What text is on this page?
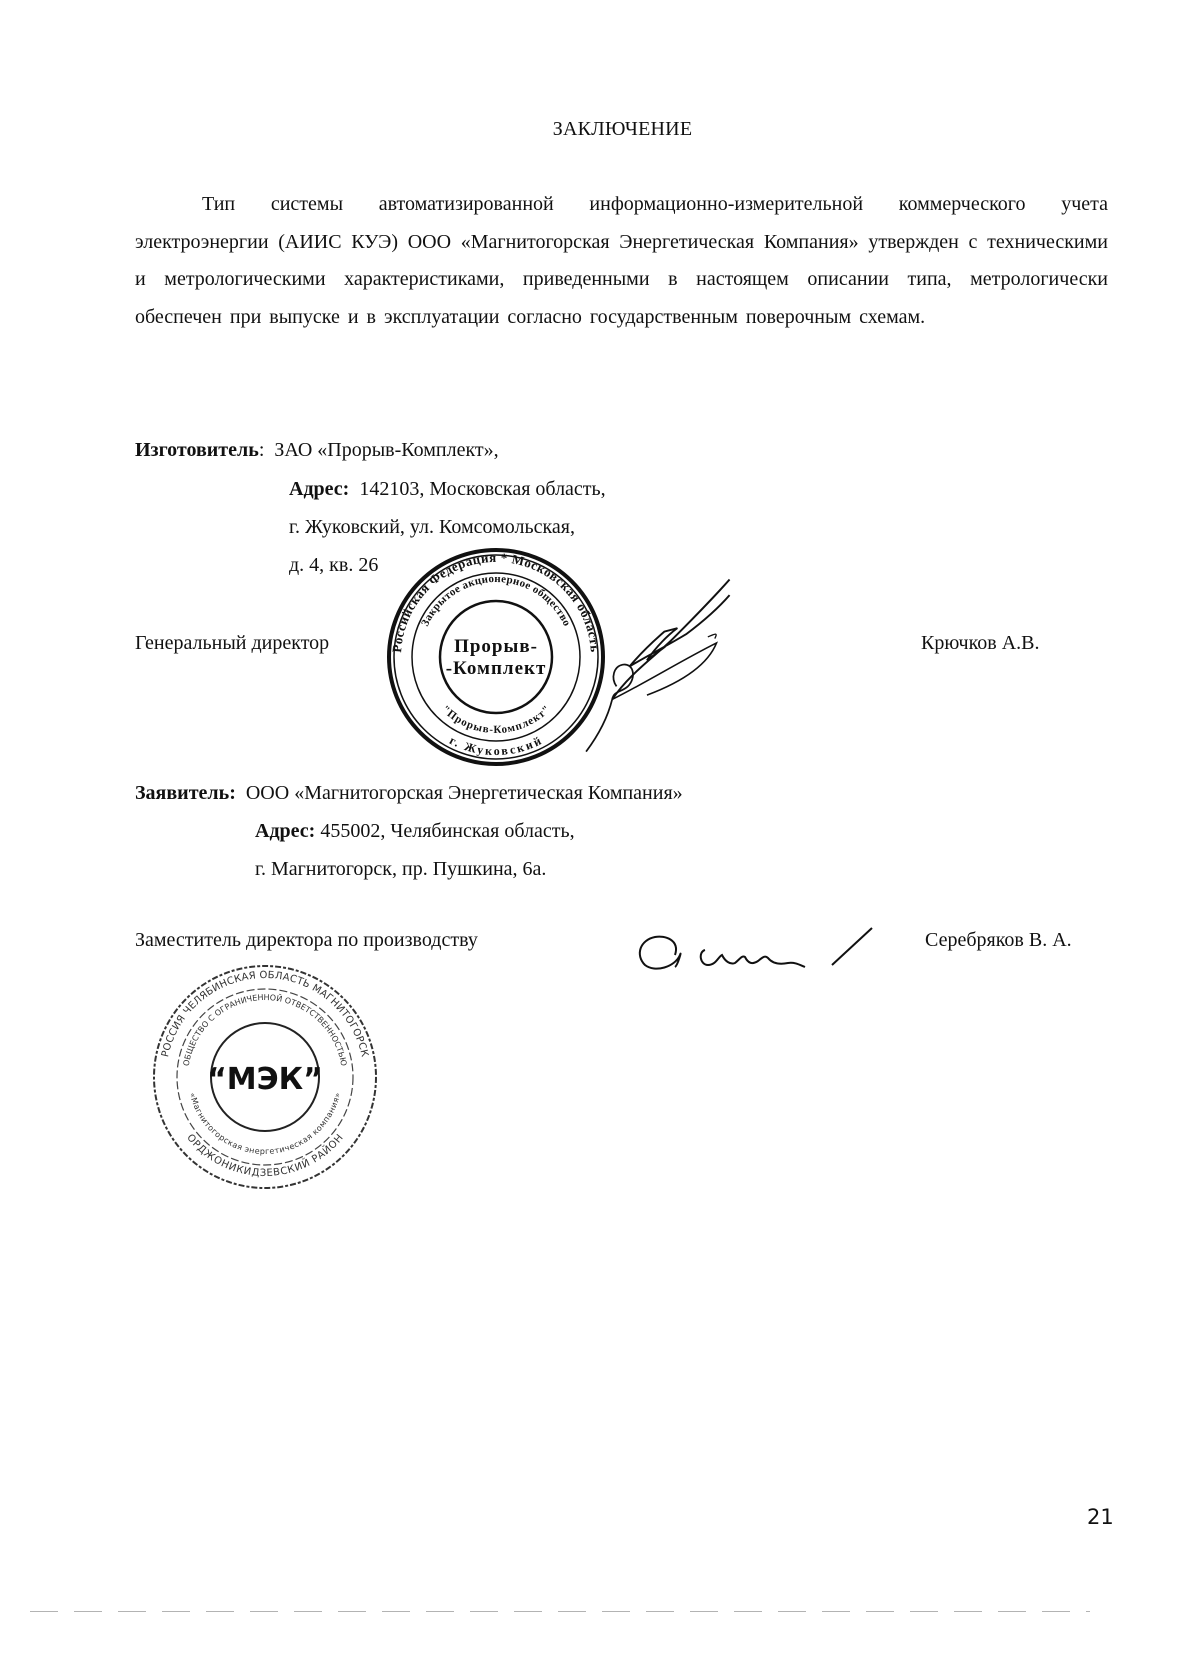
ЗАКЛЮЧЕНИЕ
Тип системы автоматизированной информационно-измерительной коммерческого учета электроэнергии (АИИС КУЭ) ООО «Магнитогорская Энергетическая Компания» утвержден с техническими и метрологическими характеристиками, приведенными в настоящем описании типа, метрологически обеспечен при выпуске и в эксплуатации согласно государственным поверочным схемам.
Изготовитель: ЗАО «Прорыв-Комплект»,
Адрес: 142103, Московская область,
г. Жуковский, ул. Комсомольская,
д. 4, кв. 26
Генеральный директор	Крючков А.В.
Российская Федерация * Московская область
Закрытое акционерное общество
"Прорыв-Комплект"
г. Жуковский
Прорыв-
-Комплект
Заявитель: ООО «Магнитогорская Энергетическая Компания»
Адрес: 455002, Челябинская область,
г. Магнитогорск, пр. Пушкина, 6а.
Заместитель директора по производству	Серебряков В. А.
РОССИЯ ЧЕЛЯБИНСКАЯ ОБЛАСТЬ МАГНИТОГОРСК
ОРДЖОНИКИДЗЕВСКИЙ РАЙОН
ОБЩЕСТВО С ОГРАНИЧЕННОЙ ОТВЕТСТВЕННОСТЬЮ
«Магнитогорская энергетическая компания»
“МЭК”
21
